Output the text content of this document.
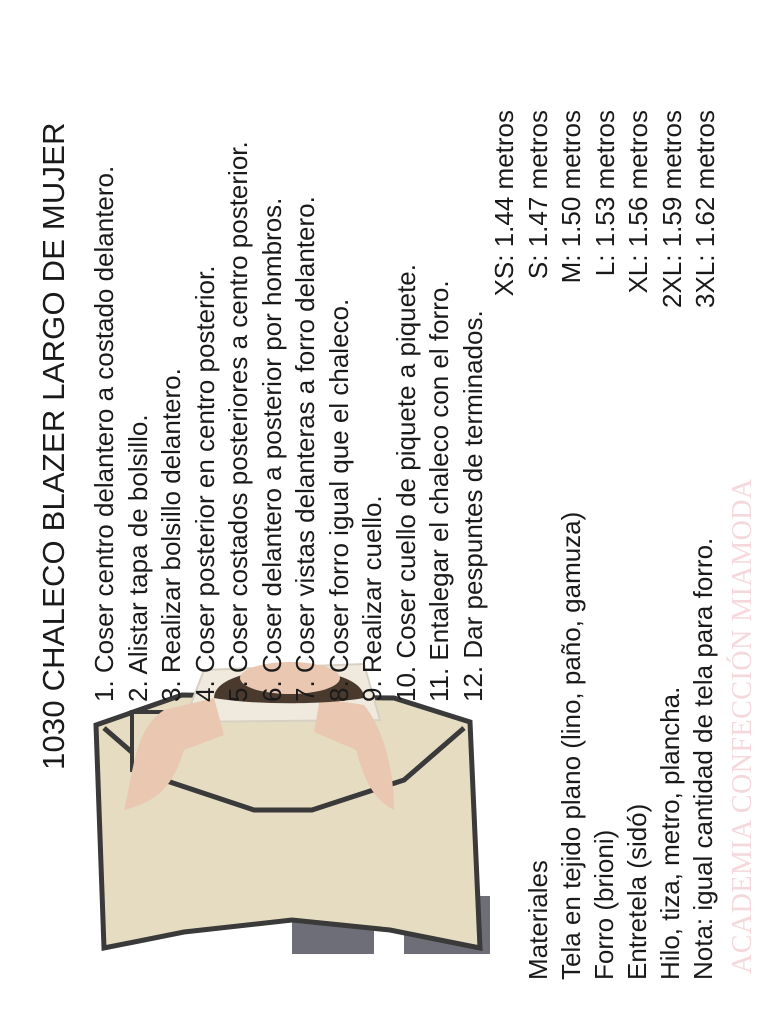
1030 CHALECO BLAZER LARGO DE MUJER 1. Coser centro delantero a costado delantero. 2. Alistar tapa de bolsillo. 3. Realizar bolsillo delantero. 4. Coser posterior en centro posterior. 5. Coser costados posteriores a centro posterior. 6. Coser delantero a posterior por hombros. 7. Coser vistas delanteras a forro delantero. 8. Coser forro igual que el chaleco. 9. Realizar cuello. 10. Coser cuello de piquete a piquete. 11. Entalegar el chaleco con el forro. 12. Dar pespuntes de terminados.
XS: 1.44 metros S: 1.47 metros M: 1.50 metros L: 1.53 metros XL: 1.56 metros 2XL: 1.59 metros 3XL: 1.62 metros
Materiales Tela en tejido plano (lino, paño, gamuza) Forro (brioni) Entretela (sidó) Hilo, tiza, metro, plancha. Nota: igual cantidad de tela para forro. ACADEMIA CONFECCIÓN MIAMODA
